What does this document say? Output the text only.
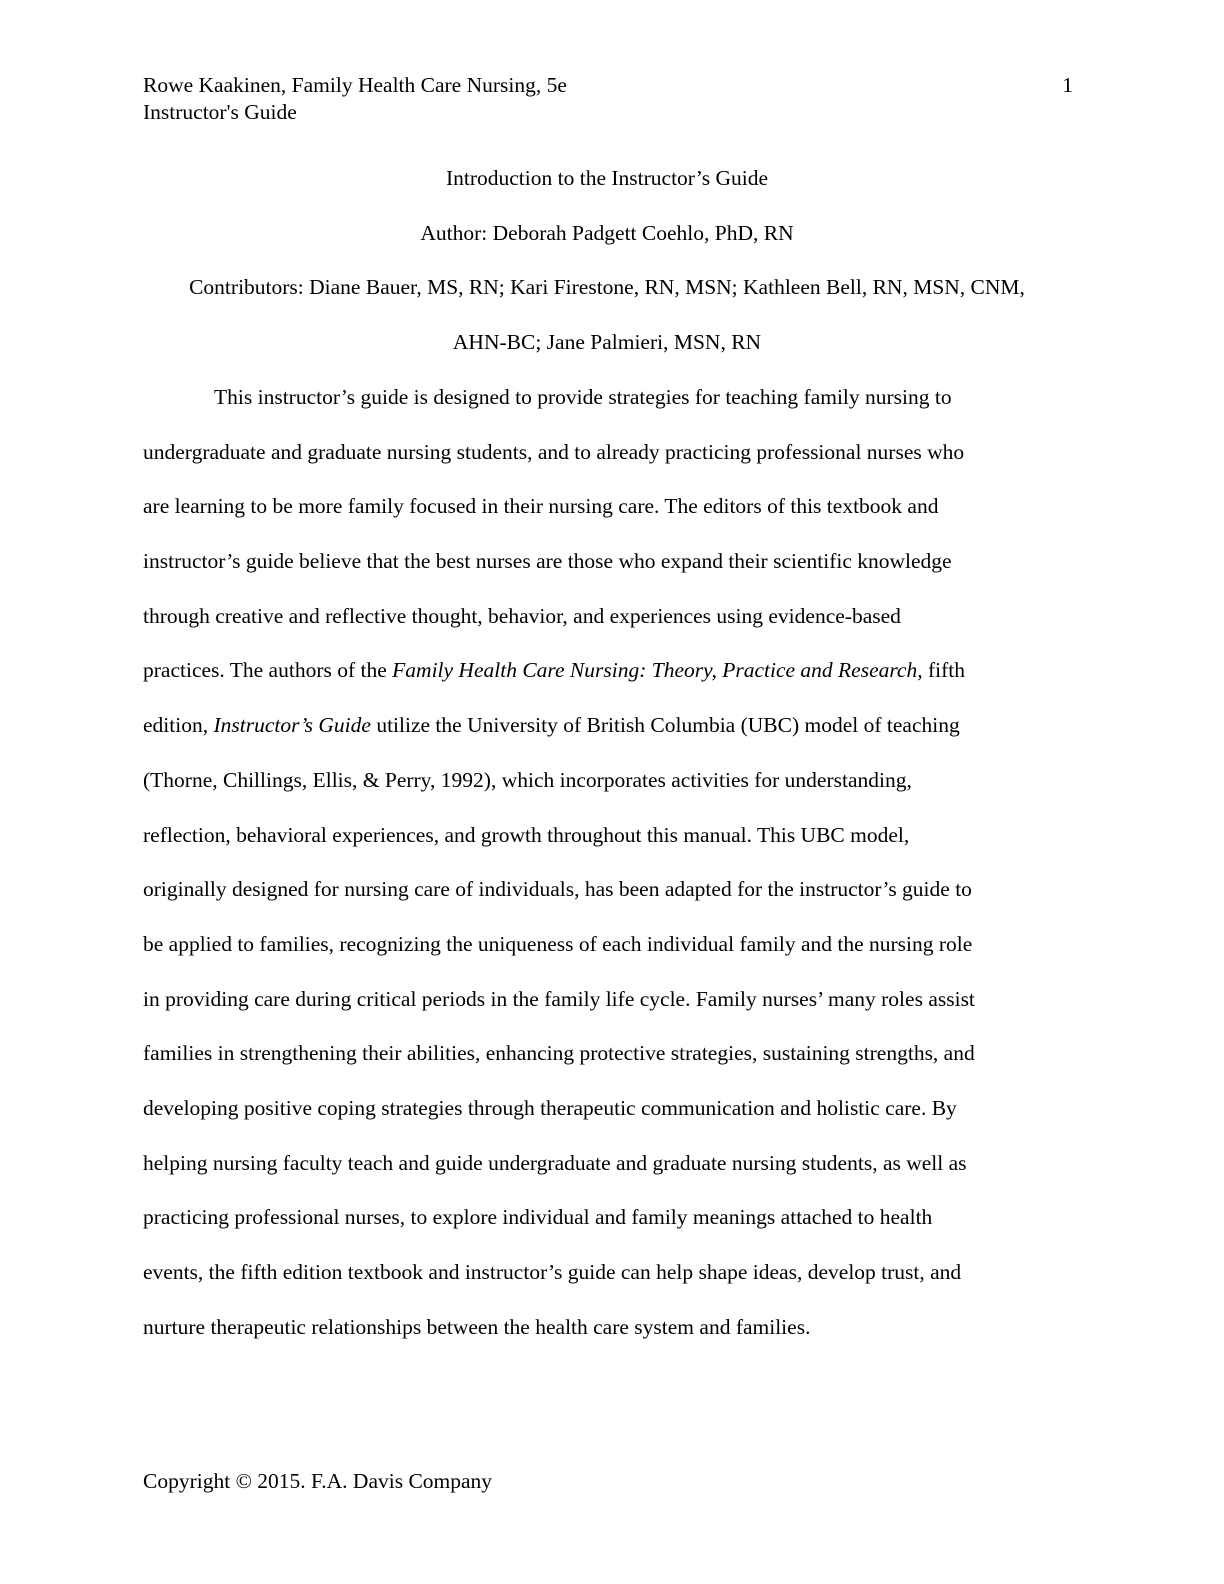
Rowe Kaakinen, Family Health Care Nursing, 5e
Instructor's Guide
1
Introduction to the Instructor’s Guide
Author: Deborah Padgett Coehlo, PhD, RN
Contributors: Diane Bauer, MS, RN; Kari Firestone, RN, MSN; Kathleen Bell, RN, MSN, CNM,
AHN-BC; Jane Palmieri, MSN, RN
This instructor’s guide is designed to provide strategies for teaching family nursing to
undergraduate and graduate nursing students, and to already practicing professional nurses who
are learning to be more family focused in their nursing care. The editors of this textbook and
instructor’s guide believe that the best nurses are those who expand their scientific knowledge
through creative and reflective thought, behavior, and experiences using evidence-based
practices. The authors of the Family Health Care Nursing: Theory, Practice and Research, fifth
edition, Instructor’s Guide utilize the University of British Columbia (UBC) model of teaching
(Thorne, Chillings, Ellis, & Perry, 1992), which incorporates activities for understanding,
reflection, behavioral experiences, and growth throughout this manual. This UBC model,
originally designed for nursing care of individuals, has been adapted for the instructor’s guide to
be applied to families, recognizing the uniqueness of each individual family and the nursing role
in providing care during critical periods in the family life cycle. Family nurses’ many roles assist
families in strengthening their abilities, enhancing protective strategies, sustaining strengths, and
developing positive coping strategies through therapeutic communication and holistic care. By
helping nursing faculty teach and guide undergraduate and graduate nursing students, as well as
practicing professional nurses, to explore individual and family meanings attached to health
events, the fifth edition textbook and instructor’s guide can help shape ideas, develop trust, and
nurture therapeutic relationships between the health care system and families.
Copyright © 2015. F.A. Davis Company
